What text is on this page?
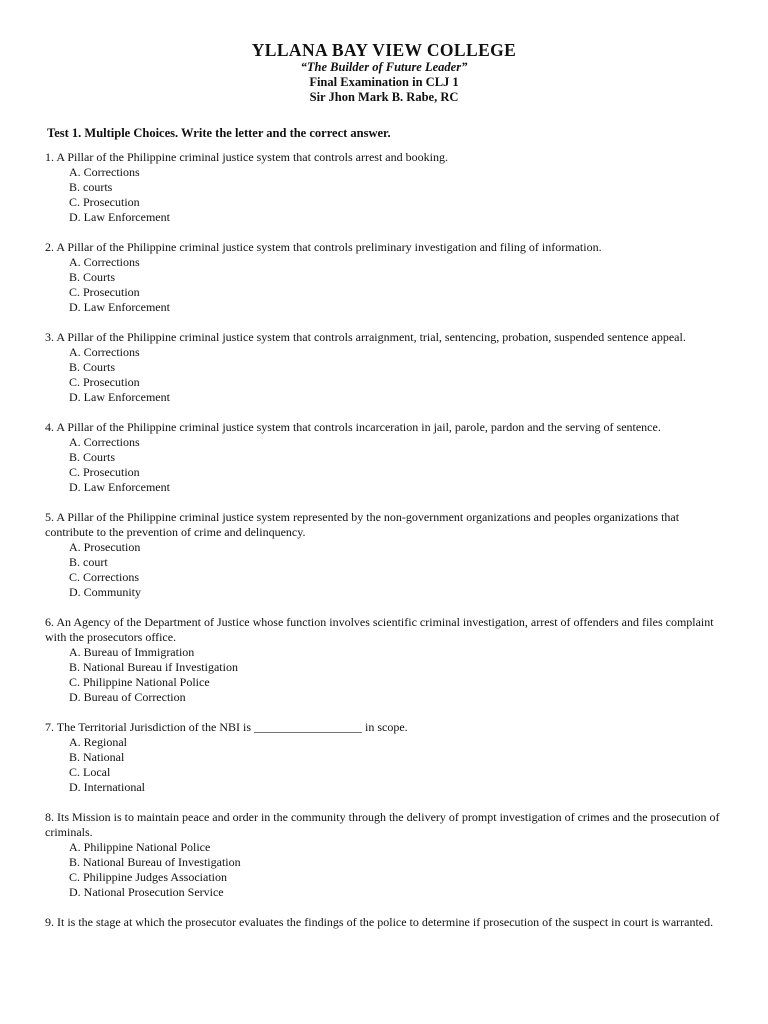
YLLANA BAY VIEW COLLEGE
“The Builder of Future Leader”
Final Examination in CLJ 1
Sir Jhon Mark B. Rabe, RC
Test 1. Multiple Choices. Write the letter and the correct answer.
1. A Pillar of the Philippine criminal justice system that controls arrest and booking.
A. Corrections
B. courts
C. Prosecution
D. Law Enforcement
2. A Pillar of the Philippine criminal justice system that controls preliminary investigation and filing of information.
A. Corrections
B. Courts
C. Prosecution
D. Law Enforcement
3. A Pillar of the Philippine criminal justice system that controls arraignment, trial, sentencing, probation, suspended sentence appeal.
A. Corrections
B. Courts
C. Prosecution
D. Law Enforcement
4. A Pillar of the Philippine criminal justice system that controls incarceration in jail, parole, pardon and the serving of sentence.
A. Corrections
B. Courts
C. Prosecution
D. Law Enforcement
5. A Pillar of the Philippine criminal justice system represented by the non-government organizations and peoples organizations that contribute to the prevention of crime and delinquency.
A. Prosecution
B. court
C. Corrections
D. Community
6. An Agency of the Department of Justice whose function involves scientific criminal investigation, arrest of offenders and files complaint with the prosecutors office.
A. Bureau of Immigration
B. National Bureau if Investigation
C. Philippine National Police
D. Bureau of Correction
7. The Territorial Jurisdiction of the NBI is __________________ in scope.
A. Regional
B. National
C. Local
D. International
8. Its Mission is to maintain peace and order in the community through the delivery of prompt investigation of crimes and the prosecution of criminals.
A. Philippine National Police
B. National Bureau of Investigation
C. Philippine Judges Association
D. National Prosecution Service
9. It is the stage at which the prosecutor evaluates the findings of the police to determine if prosecution of the suspect in court is warranted.
